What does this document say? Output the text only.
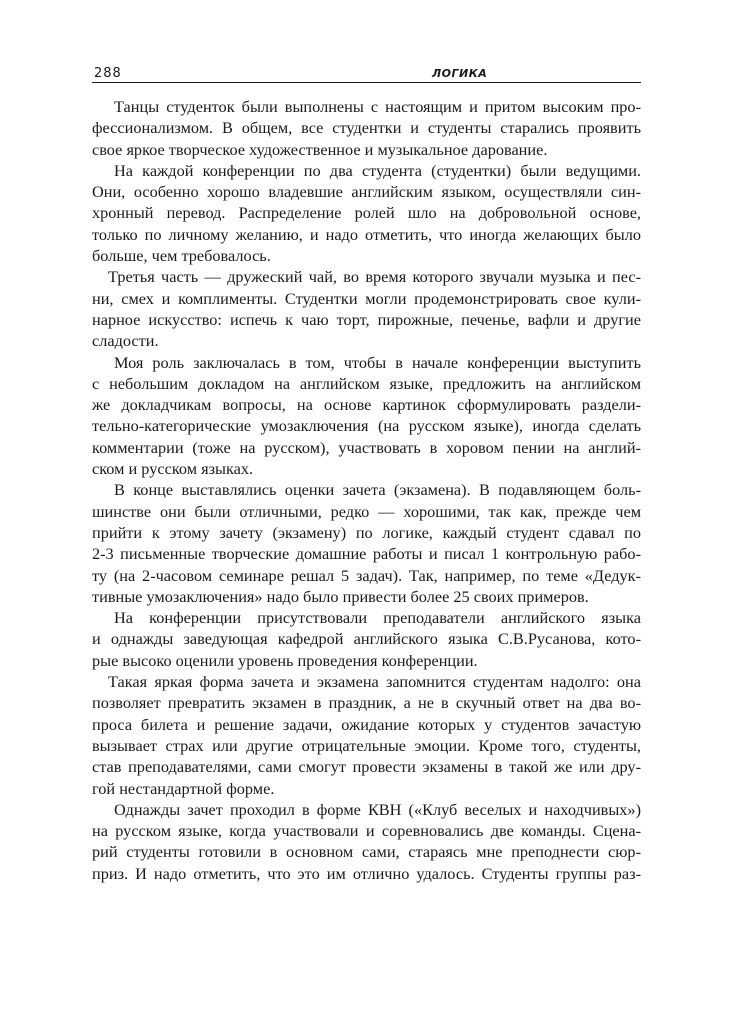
288	ЛОГИКА
Танцы студенток были выполнены с настоящим и притом высоким про-
фессионализмом. В общем, все студентки и студенты старались проявить
свое яркое творческое художественное и музыкальное дарование.
На каждой конференции по два студента (студентки) были ведущими.
Они, особенно хорошо владевшие английским языком, осуществляли син-
хронный перевод. Распределение ролей шло на добровольной основе,
только по личному желанию, и надо отметить, что иногда желающих было
больше, чем требовалось.
Третья часть — дружеский чай, во время которого звучали музыка и пес-
ни, смех и комплименты. Студентки могли продемонстрировать свое кули-
нарное искусство: испечь к чаю торт, пирожные, печенье, вафли и другие
сладости.
Моя роль заключалась в том, чтобы в начале конференции выступить
с небольшим докладом на английском языке, предложить на английском
же докладчикам вопросы, на основе картинок сформулировать раздели-
тельно-категорические умозаключения (на русском языке), иногда сделать
комментарии (тоже на русском), участвовать в хоровом пении на англий-
ском и русском языках.
В конце выставлялись оценки зачета (экзамена). В подавляющем боль-
шинстве они были отличными, редко — хорошими, так как, прежде чем
прийти к этому зачету (экзамену) по логике, каждый студент сдавал по
2-3 письменные творческие домашние работы и писал 1 контрольную рабо-
ту (на 2-часовом семинаре решал 5 задач). Так, например, по теме «Дедук-
тивные умозаключения» надо было привести более 25 своих примеров.
На конференции присутствовали преподаватели английского языка
и однажды заведующая кафедрой английского языка С.В.Русанова, кото-
рые высоко оценили уровень проведения конференции.
Такая яркая форма зачета и экзамена запомнится студентам надолго: она
позволяет превратить экзамен в праздник, а не в скучный ответ на два во-
проса билета и решение задачи, ожидание которых у студентов зачастую
вызывает страх или другие отрицательные эмоции. Кроме того, студенты,
став преподавателями, сами смогут провести экзамены в такой же или дру-
гой нестандартной форме.
Однажды зачет проходил в форме КВН («Клуб веселых и находчивых»)
на русском языке, когда участвовали и соревновались две команды. Сцена-
рий студенты готовили в основном сами, стараясь мне преподнести сюр-
приз. И надо отметить, что это им отлично удалось. Студенты группы раз-
